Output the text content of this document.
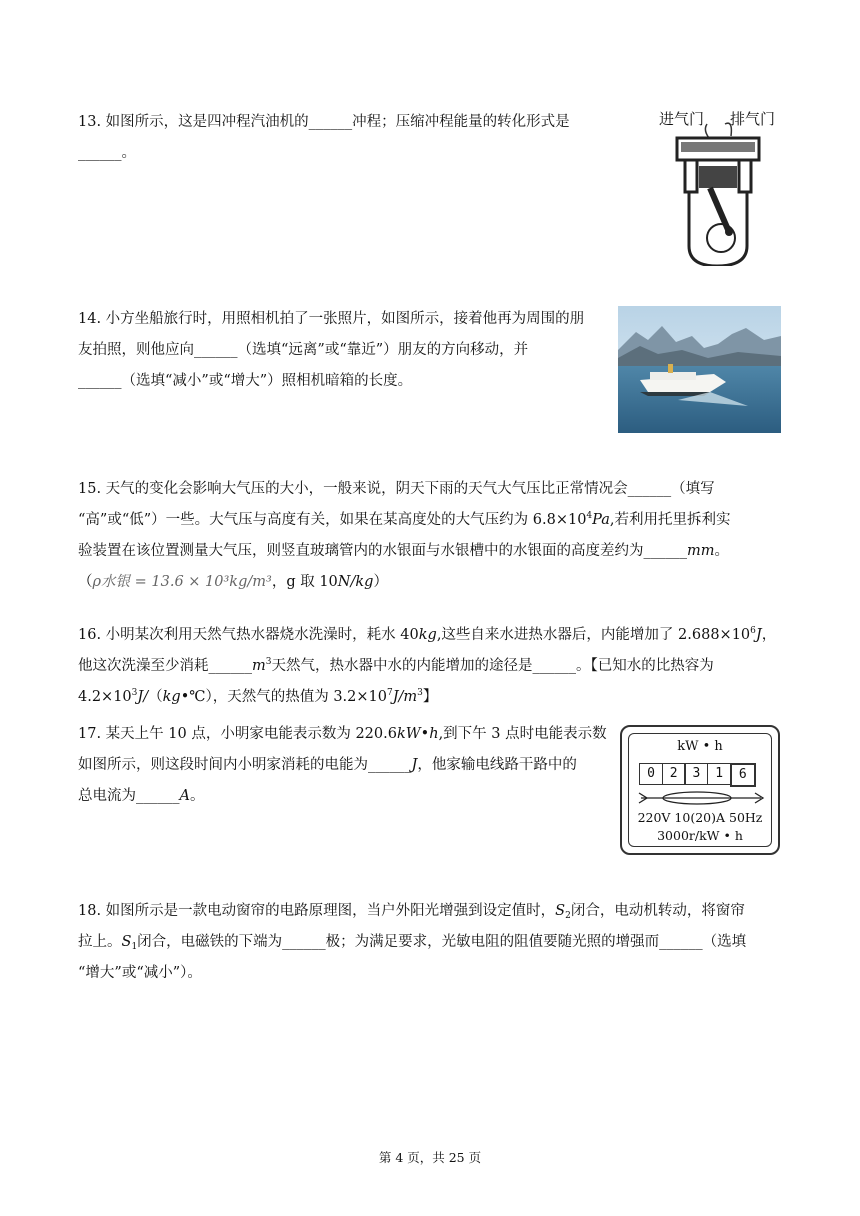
13. 如图所示，这是四冲程汽油机的______冲程；压缩冲程能量的转化形式是

______。

进气门 排气门

14. 小方坐船旅行时，用照相机拍了一张照片，如图所示，接着他再为周围的朋

友拍照，则他应向______（选填“远离”或“靠近”）朋友的方向移动，并

______（选填“减小”或“增大”）照相机暗箱的长度。

15. 天气的变化会影响大气压的大小，一般来说，阴天下雨的天气大气压比正常情况会______（填写

“高”或“低”）一些。大气压与高度有关，如果在某高度处的大气压约为 $6.8\times 10^4Pa$,若利用托里拆利实

验装置在该位置测量大气压，则竖直玻璃管内的水银面与水银槽中的水银面的高度差约为______mm。

（ρ水银 = 13.6 × 10³kg/m³，g 取 10N/kg）

16. 小明某次利用天然气热水器烧水洗澡时，耗水 40kg,这些自来水进热水器后，内能增加了 $2.688\times 10^6J$，

他这次洗澡至少消耗$\_\_\_\_\_\_m^3$天然气，热水器中水的内能增加的途径是______。【已知水的比热容为

$4.2\times 10^3J/(kg•℃)$，天然气的热值为 $3.2\times 10^7J/m^3$】

17. 某天上午 10 点，小明家电能表示数为 220.6kW•h,到下午 3 点时电能表示数

如图所示，则这段时间内小明家消耗的电能为______J，他家输电线路干路中的

总电流为______A。

kW • h
0	2	3	1	6
220V 10(20)A 50Hz
3000r/kW • h

18. 如图所示是一款电动窗帘的电路原理图，当户外阳光增强到设定值时，$S_2$闭合，电动机转动，将窗帘

拉上。$S_1$闭合，电磁铁的下端为______极；为满足要求，光敏电阻的阻值要随光照的增强而______（选填

“增大”或“减小”）。

第 4 页，共 25 页
